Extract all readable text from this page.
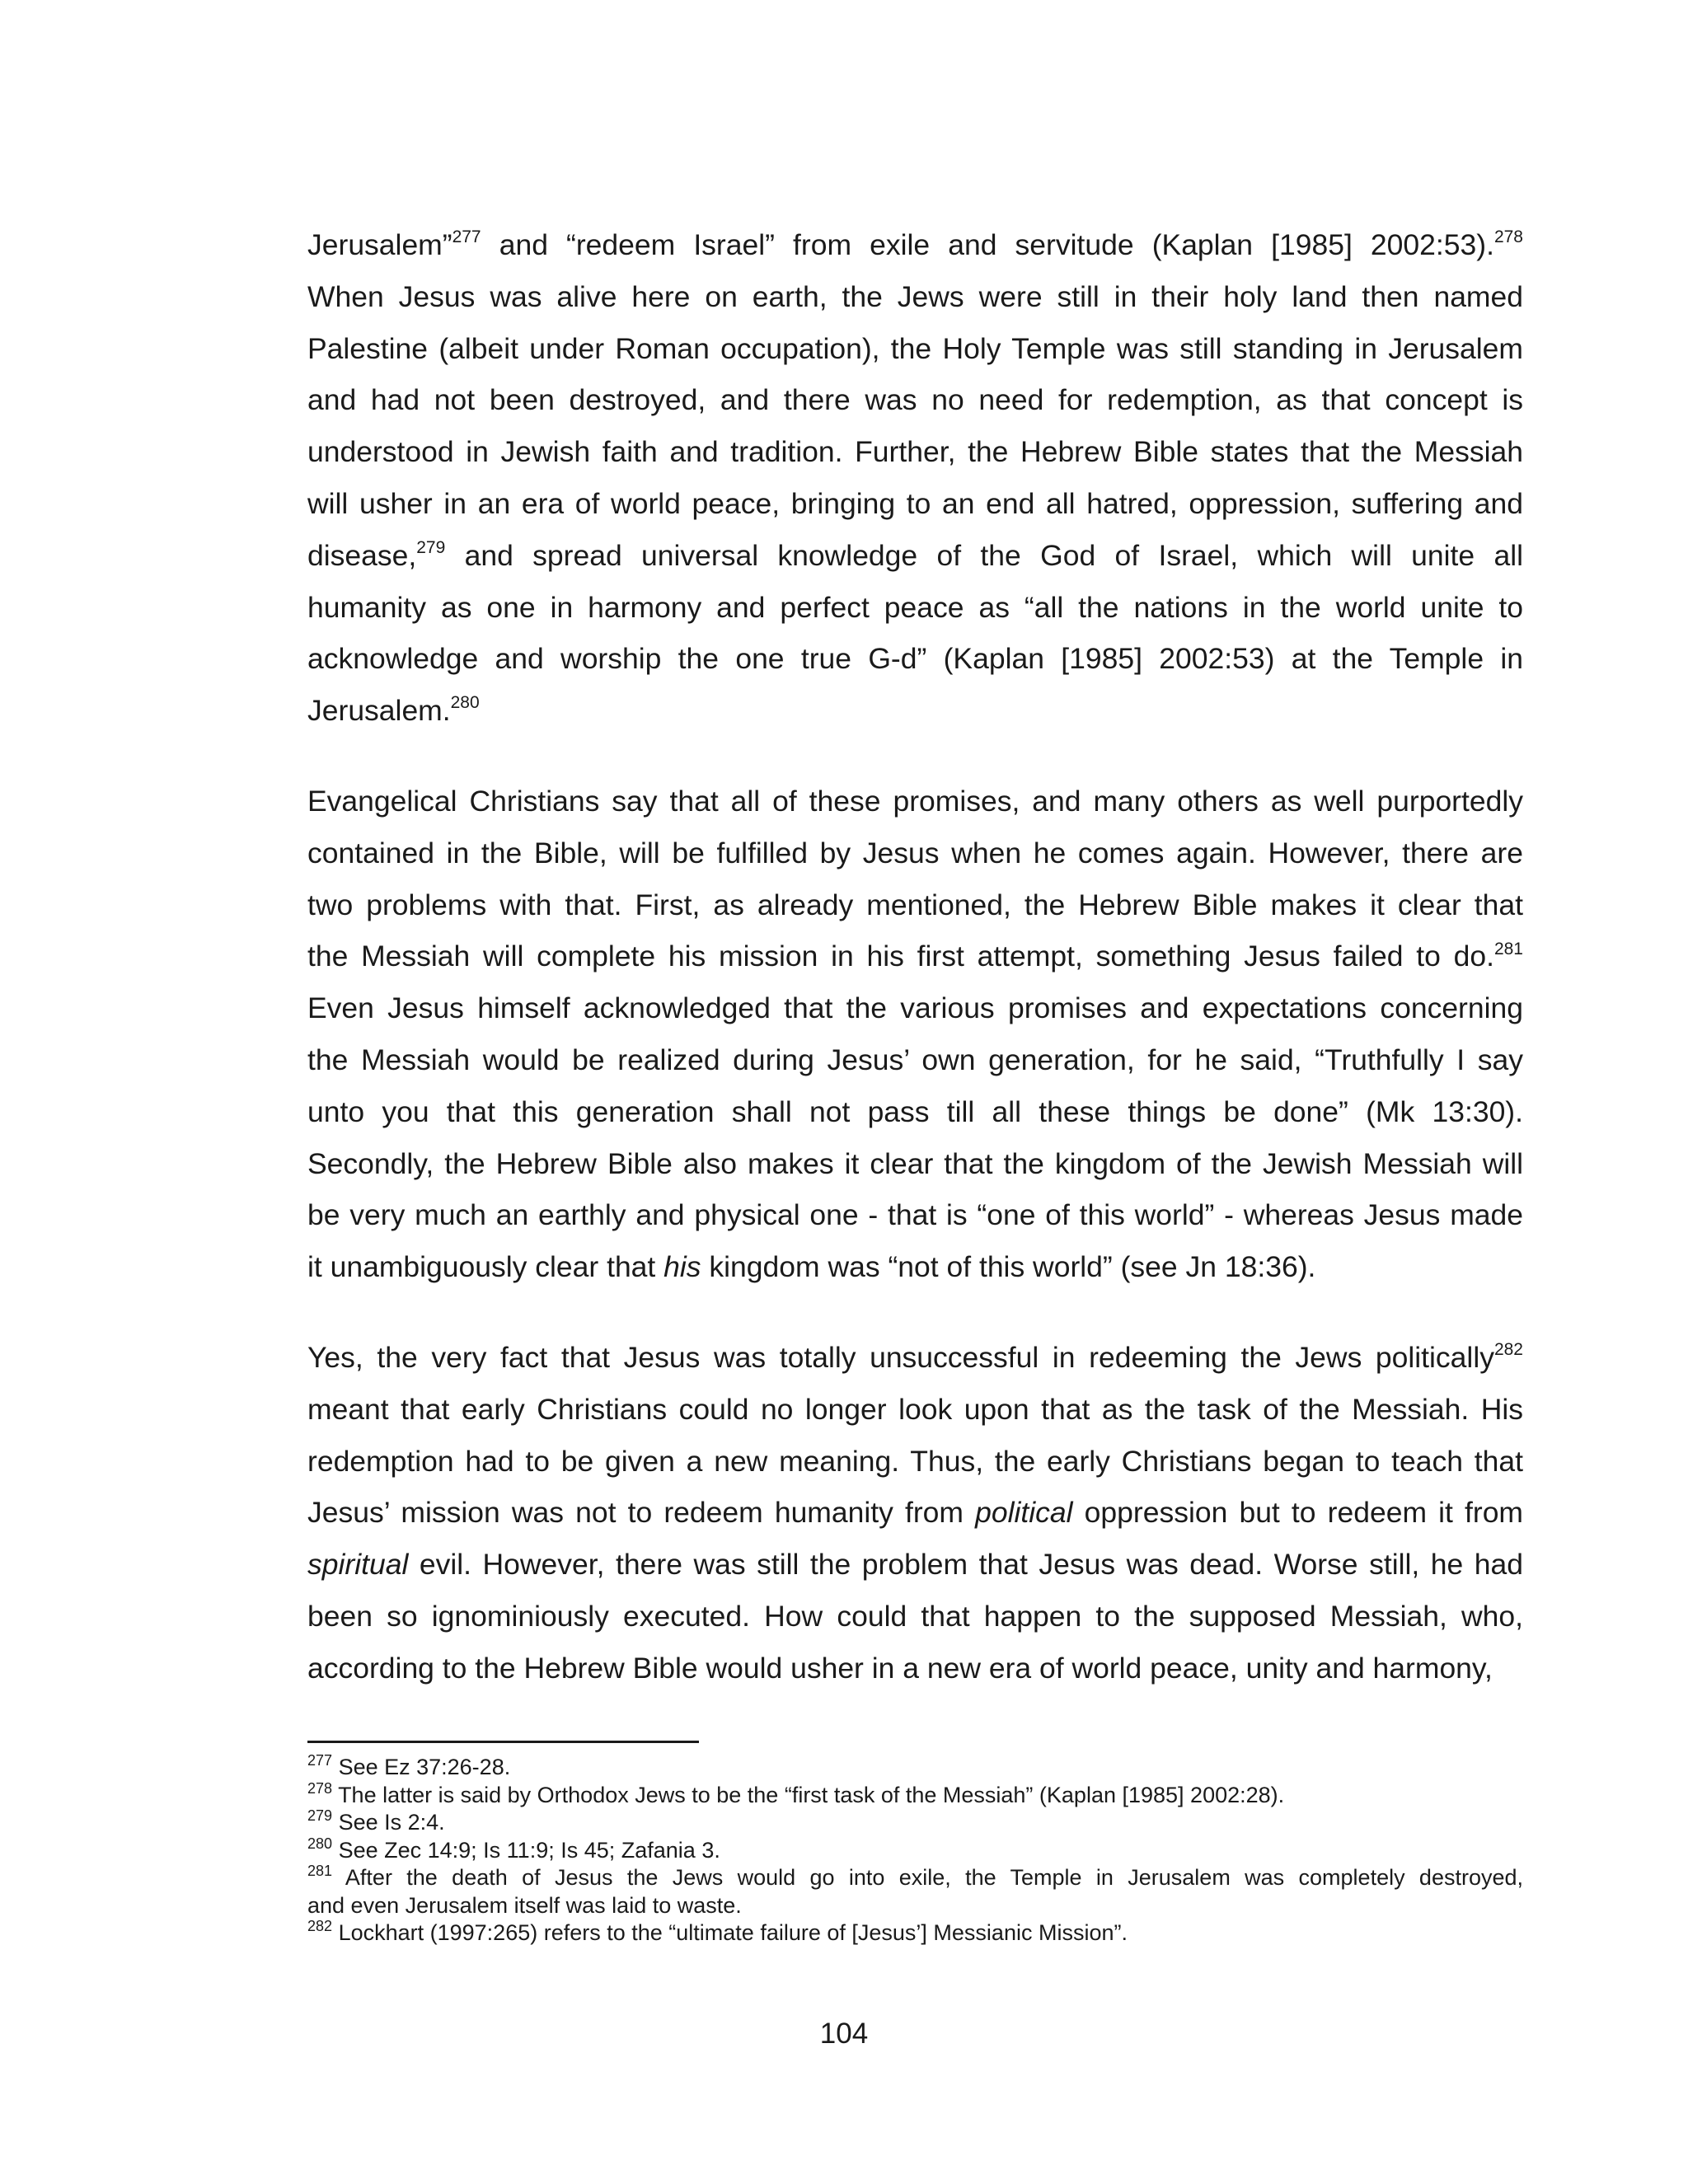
Jerusalem”$^{277}$ and “redeem Israel” from exile and servitude (Kaplan [1985] 2002:53).$^{278}$
When Jesus was alive here on earth, the Jews were still in their holy land then named
Palestine (albeit under Roman occupation), the Holy Temple was still standing in Jerusalem
and had not been destroyed, and there was no need for redemption, as that concept is
understood in Jewish faith and tradition. Further, the Hebrew Bible states that the Messiah
will usher in an era of world peace, bringing to an end all hatred, oppression, suffering and
disease,$^{279}$ and spread universal knowledge of the God of Israel, which will unite all
humanity as one in harmony and perfect peace as “all the nations in the world unite to
acknowledge and worship the one true G-d” (Kaplan [1985] 2002:53) at the Temple in
Jerusalem.$^{280}$

Evangelical Christians say that all of these promises, and many others as well purportedly
contained in the Bible, will be fulfilled by Jesus when he comes again. However, there are
two problems with that. First, as already mentioned, the Hebrew Bible makes it clear that
the Messiah will complete his mission in his first attempt, something Jesus failed to do.$^{281}$
Even Jesus himself acknowledged that the various promises and expectations concerning
the Messiah would be realized during Jesus’ own generation, for he said, “Truthfully I say
unto you that this generation shall not pass till all these things be done” (Mk 13:30).
Secondly, the Hebrew Bible also makes it clear that the kingdom of the Jewish Messiah will
be very much an earthly and physical one - that is “one of this world” - whereas Jesus made
it unambiguously clear that his kingdom was “not of this world” (see Jn 18:36).

Yes, the very fact that Jesus was totally unsuccessful in redeeming the Jews politically$^{282}$
meant that early Christians could no longer look upon that as the task of the Messiah. His
redemption had to be given a new meaning. Thus, the early Christians began to teach that
Jesus’ mission was not to redeem humanity from political oppression but to redeem it from
spiritual evil. However, there was still the problem that Jesus was dead. Worse still, he had
been so ignominiously executed. How could that happen to the supposed Messiah, who,
according to the Hebrew Bible would usher in a new era of world peace, unity and harmony,

$^{277}$ See Ez 37:26-28.

$^{278}$ The latter is said by Orthodox Jews to be the “first task of the Messiah” (Kaplan [1985] 2002:28).

$^{279}$ See Is 2:4.

$^{280}$ See Zec 14:9; Is 11:9; Is 45; Zafania 3.

$^{281}$ After the death of Jesus the Jews would go into exile, the Temple in Jerusalem was completely destroyed,
and even Jerusalem itself was laid to waste.

$^{282}$ Lockhart (1997:265) refers to the “ultimate failure of [Jesus’] Messianic Mission”.

104
